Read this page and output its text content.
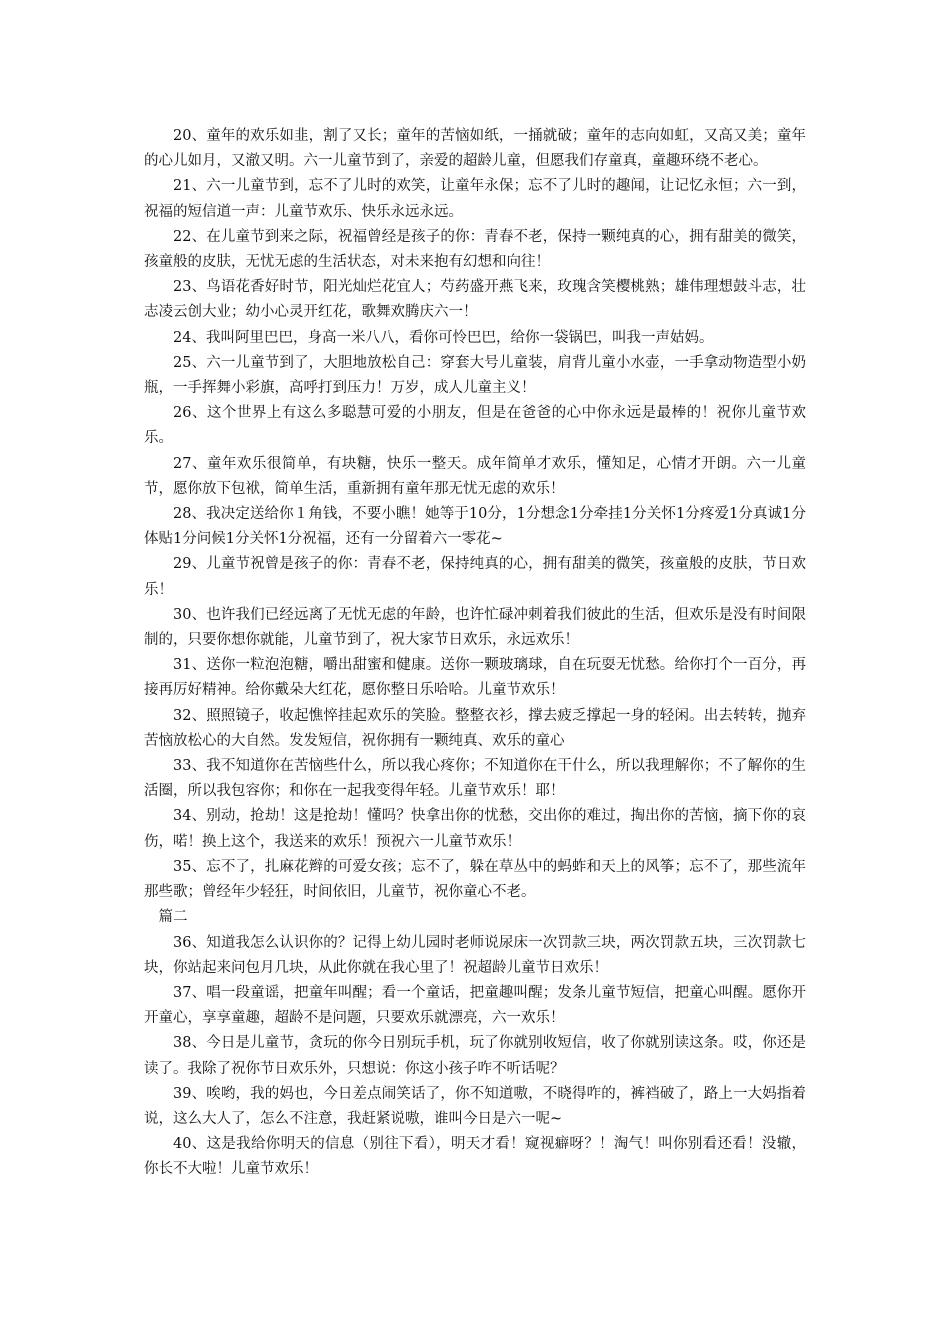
20、童年的欢乐如韭，割了又长；童年的苦恼如纸，一捅就破；童年的志向如虹，又高又美；童年的心儿如月，又澈又明。六一儿童节到了，亲爱的超龄儿童，但愿我们存童真，童趣环绕不老心。

21、六一儿童节到，忘不了儿时的欢笑，让童年永保；忘不了儿时的趣闻，让记忆永恒；六一到，祝福的短信道一声：儿童节欢乐、快乐永远永远。

22、在儿童节到来之际，祝福曾经是孩子的你：青春不老，保持一颗纯真的心，拥有甜美的微笑，孩童般的皮肤，无忧无虑的生活状态，对未来抱有幻想和向往！

23、鸟语花香好时节，阳光灿烂花宜人；芍药盛开燕飞来，玫瑰含笑樱桃熟；雄伟理想鼓斗志，壮志凌云创大业；幼小心灵开红花，歌舞欢腾庆六一！

24、我叫阿里巴巴，身高一米八八，看你可怜巴巴，给你一袋锅巴，叫我一声姑妈。

25、六一儿童节到了，大胆地放松自己：穿套大号儿童装，肩背儿童小水壶，一手拿动物造型小奶瓶，一手挥舞小彩旗，高呼打到压力！万岁，成人儿童主义！

26、这个世界上有这么多聪慧可爱的小朋友，但是在爸爸的心中你永远是最棒的！祝你儿童节欢乐。

27、童年欢乐很简单，有块糖，快乐一整天。成年简单才欢乐，懂知足，心情才开朗。六一儿童节，愿你放下包袱，简单生活，重新拥有童年那无忧无虑的欢乐！

28、我决定送给你１角钱，不要小瞧！她等于10分，1分想念1分牵挂1分关怀1分疼爱1分真诚1分体贴1分问候1分关怀1分祝福，还有一分留着六一零花~

29、儿童节祝曾是孩子的你：青春不老，保持纯真的心，拥有甜美的微笑，孩童般的皮肤，节日欢乐！

30、也许我们已经远离了无忧无虑的年龄，也许忙碌冲刺着我们彼此的生活，但欢乐是没有时间限制的，只要你想你就能，儿童节到了，祝大家节日欢乐，永远欢乐！

31、送你一粒泡泡糖，嚼出甜蜜和健康。送你一颗玻璃球，自在玩耍无忧愁。给你打个一百分，再接再厉好精神。给你戴朵大红花，愿你整日乐哈哈。儿童节欢乐！

32、照照镜子，收起憔悴挂起欢乐的笑脸。整整衣衫，撑去疲乏撑起一身的轻闲。出去转转，抛弃苦恼放松心的大自然。发发短信，祝你拥有一颗纯真、欢乐的童心

33、我不知道你在苦恼些什么，所以我心疼你；不知道你在干什么，所以我理解你；不了解你的生活圈，所以我包容你；和你在一起我变得年轻。儿童节欢乐！耶！

34、别动，抢劫！这是抢劫！懂吗？快拿出你的忧愁，交出你的难过，掏出你的苦恼，摘下你的哀伤，喏！换上这个，我送来的欢乐！预祝六一儿童节欢乐！

35、忘不了，扎麻花辫的可爱女孩；忘不了，躲在草丛中的蚂蚱和天上的风筝；忘不了，那些流年那些歌；曾经年少轻狂，时间依旧，儿童节，祝你童心不老。

篇二

36、知道我怎么认识你的？记得上幼儿园时老师说尿床一次罚款三块，两次罚款五块，三次罚款七块，你站起来问包月几块，从此你就在我心里了！祝超龄儿童节日欢乐！

37、唱一段童谣，把童年叫醒；看一个童话，把童趣叫醒；发条儿童节短信，把童心叫醒。愿你开开童心，享享童趣，超龄不是问题，只要欢乐就漂亮，六一欢乐！

38、今日是儿童节，贪玩的你今日别玩手机，玩了你就别收短信，收了你就别读这条。哎，你还是读了。我除了祝你节日欢乐外，只想说：你这小孩子咋不听话呢？

39、唉哟，我的妈也，今日差点闹笑话了，你不知道嗷，不晓得咋的，裤裆破了，路上一大妈指着说，这么大人了，怎么不注意，我赶紧说嗷，谁叫今日是六一呢~

40、这是我给你明天的信息（别往下看），明天才看！窥视癖呀？！淘气！叫你别看还看！没辙，你长不大啦！儿童节欢乐！
